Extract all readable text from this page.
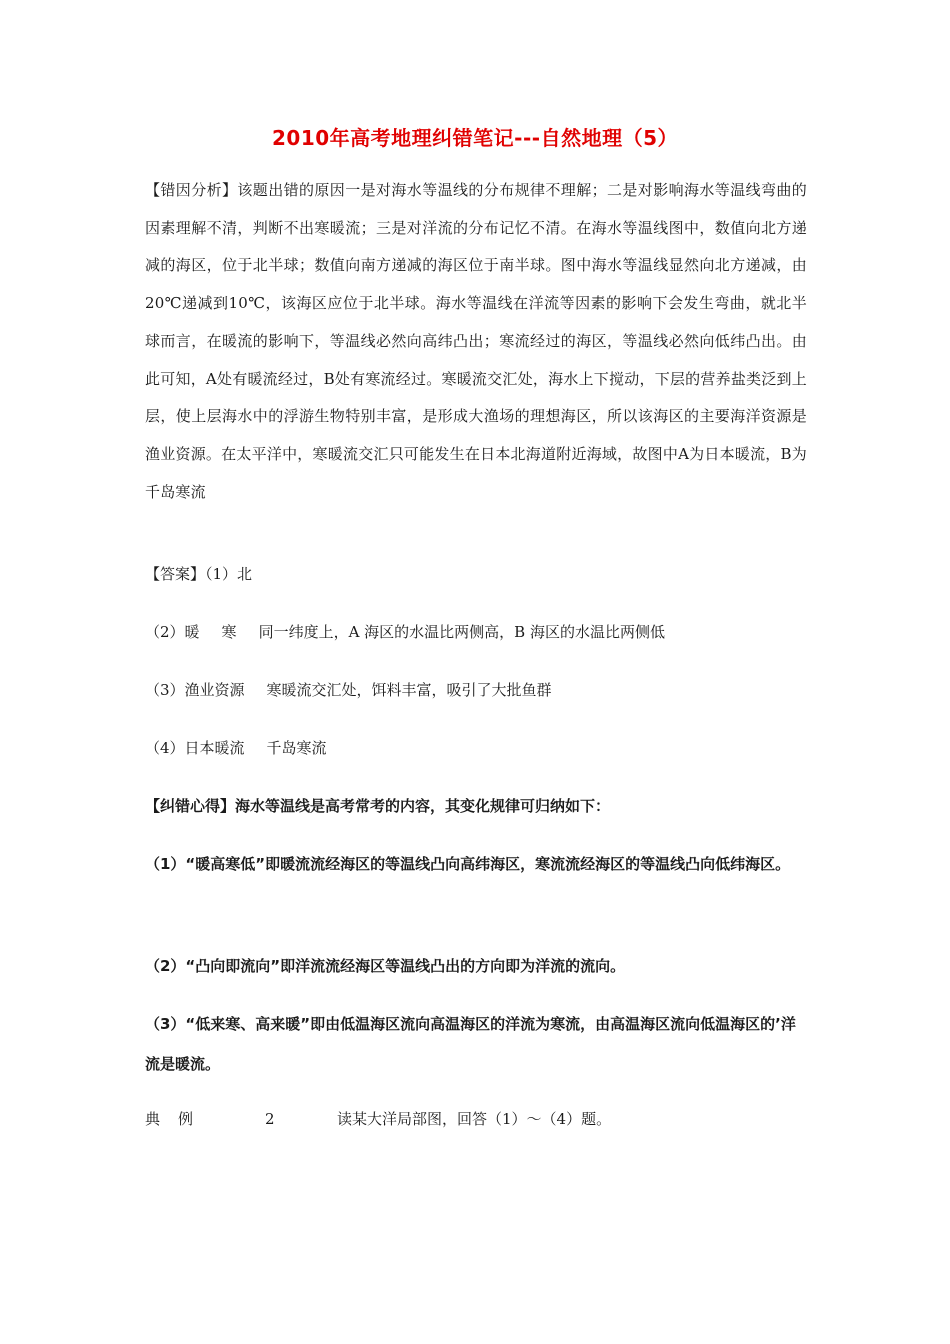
2010年高考地理纠错笔记---自然地理（5）
【错因分析】该题出错的原因一是对海水等温线的分布规律不理解；二是对影响海水等温线弯曲的因素理解不清，判断不出寒暖流；三是对洋流的分布记忆不清。在海水等温线图中，数值向北方递减的海区，位于北半球；数值向南方递减的海区位于南半球。图中海水等温线显然向北方递减，由20℃递减到10℃，该海区应位于北半球。海水等温线在洋流等因素的影响下会发生弯曲，就北半球而言，在暖流的影响下，等温线必然向高纬凸出；寒流经过的海区，等温线必然向低纬凸出。由此可知，A处有暖流经过，B处有寒流经过。寒暖流交汇处，海水上下搅动，下层的营养盐类泛到上层，使上层海水中的浮游生物特别丰富，是形成大渔场的理想海区，所以该海区的主要海洋资源是渔业资源。在太平洋中，寒暖流交汇只可能发生在日本北海道附近海域，故图中A为日本暖流，B为千岛寒流
【答案】（1）北
（2）暖 寒 同一纬度上，A 海区的水温比两侧高，B 海区的水温比两侧低
（3）渔业资源 寒暖流交汇处，饵料丰富，吸引了大批鱼群
（4）日本暖流 千岛寒流
【纠错心得】海水等温线是高考常考的内容，其变化规律可归纳如下：
（1）“暖高寒低”即暖流流经海区的等温线凸向高纬海区，寒流流经海区的等温线凸向低纬海区。
（2）“凸向即流向”即洋流流经海区等温线凸出的方向即为洋流的流向。
（3）“低来寒、高来暖”即由低温海区流向高温海区的洋流为寒流，由高温海区流向低温海区的’洋流是暖流。
典例	2	读某大洋局部图，回答（1）～（4）题。
